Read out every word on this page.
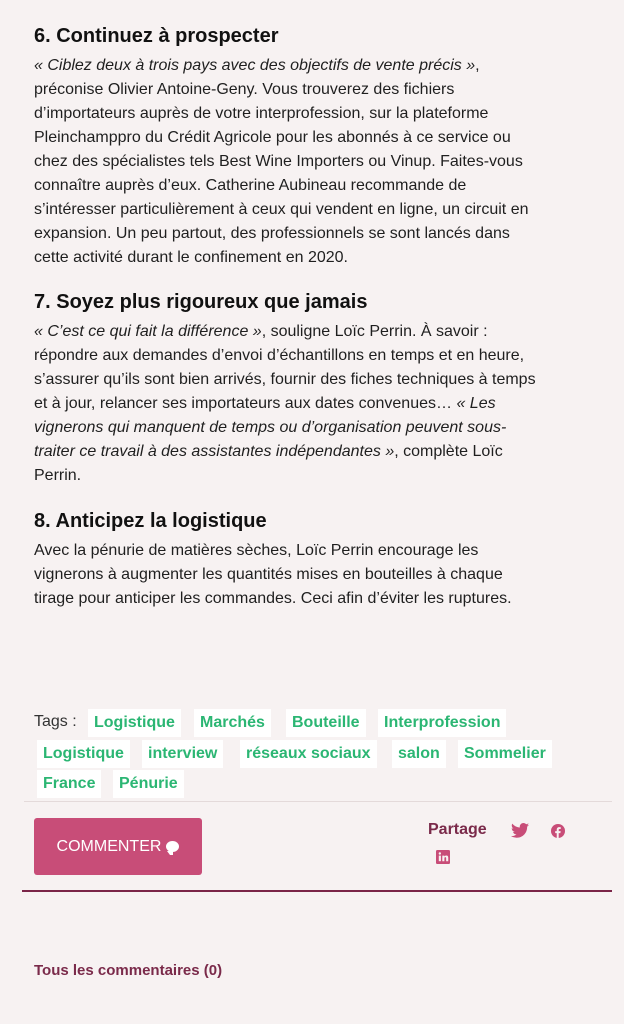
6. Continuez à prospecter

« Ciblez deux à trois pays avec des objectifs de vente précis »,
préconise Olivier Antoine-Geny. Vous trouverez des fichiers
d’importateurs auprès de votre interprofession, sur la plateforme
Pleinchamppro du Crédit Agricole pour les abonnés à ce service ou
chez des spécialistes tels Best Wine Importers ou Vinup. Faites-vous
connaître auprès d’eux. Catherine Aubineau recommande de
s’intéresser particulièrement à ceux qui vendent en ligne, un circuit en
expansion. Un peu partout, des professionnels se sont lancés dans
cette activité durant le confinement en 2020.

7. Soyez plus rigoureux que jamais

« C’est ce qui fait la différence », souligne Loïc Perrin. À savoir :
répondre aux demandes d’envoi d’échantillons en temps et en heure,
s’assurer qu’ils sont bien arrivés, fournir des fiches techniques à temps
et à jour, relancer ses importateurs aux dates convenues… « Les
vignerons qui manquent de temps ou d’organisation peuvent sous-
traiter ce travail à des assistantes indépendantes », complète Loïc
Perrin.

8. Anticipez la logistique

Avec la pénurie de matières sèches, Loïc Perrin encourage les
vignerons à augmenter les quantités mises en bouteilles à chaque
tirage pour anticiper les commandes. Ceci afin d’éviter les ruptures.

Tags :	Logistique	Marchés	Bouteille	Interprofession
Logistique	interview	réseaux sociaux	salon	Sommelier
France	Pénurie
COMMENTER
Partage
Tous les commentaires (0)
